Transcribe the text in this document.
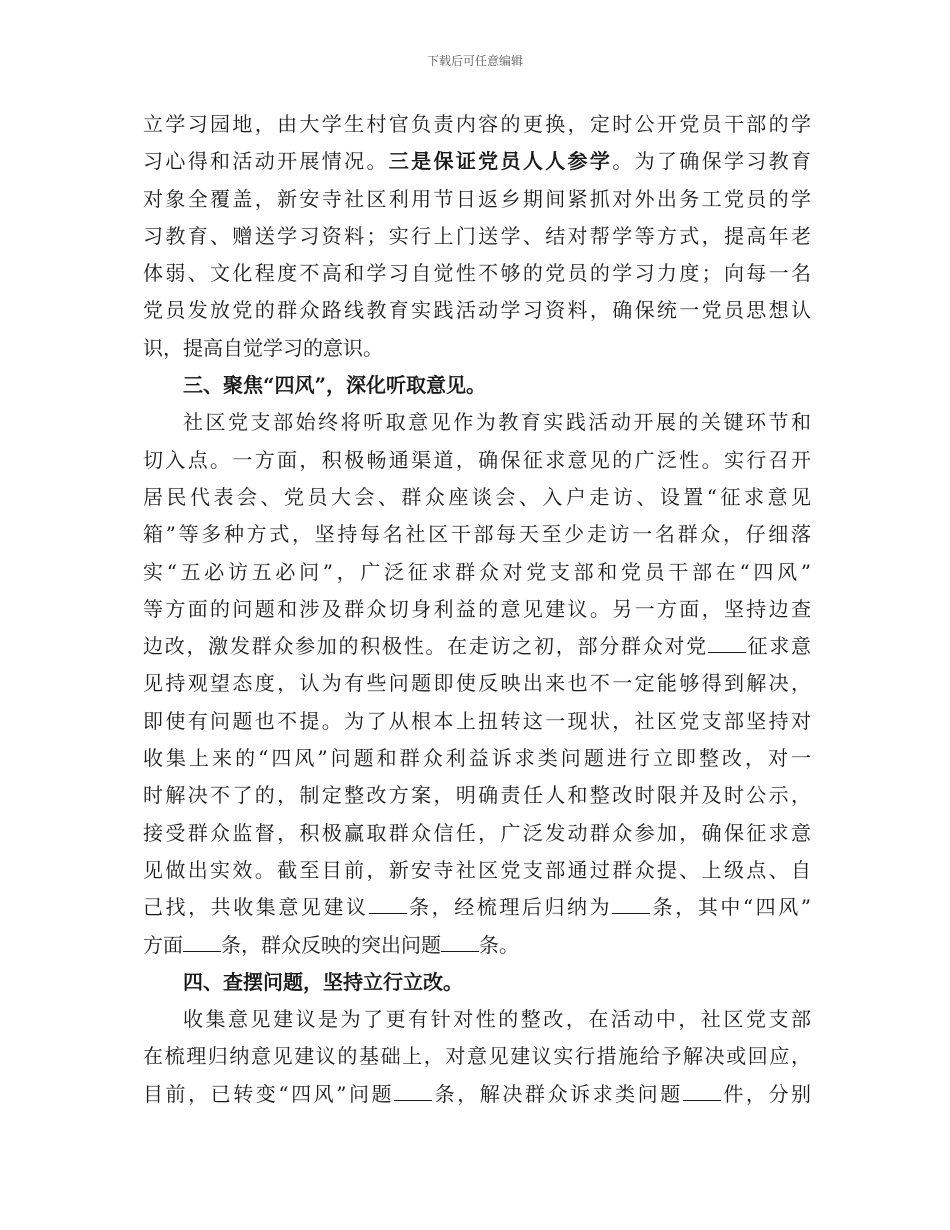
下载后可任意编辑
立学习园地，由大学生村官负责内容的更换，定时公开党员干部的学
习心得和活动开展情况。三是保证党员人人参学。为了确保学习教育
对象全覆盖，新安寺社区利用节日返乡期间紧抓对外出务工党员的学
习教育、赠送学习资料；实行上门送学、结对帮学等方式，提高年老
体弱、文化程度不高和学习自觉性不够的党员的学习力度；向每一名
党员发放党的群众路线教育实践活动学习资料，确保统一党员思想认
识，提高自觉学习的意识。
三、聚焦“四风”，深化听取意见。
社区党支部始终将听取意见作为教育实践活动开展的关键环节和
切入点。一方面，积极畅通渠道，确保征求意见的广泛性。实行召开
居民代表会、党员大会、群众座谈会、入户走访、设置“征求意见
箱”等多种方式，坚持每名社区干部每天至少走访一名群众，仔细落
实“五必访五必问”，广泛征求群众对党支部和党员干部在“四风”
等方面的问题和涉及群众切身利益的意见建议。另一方面，坚持边查
边改，激发群众参加的积极性。在走访之初，部分群众对党 征求意
见持观望态度，认为有些问题即使反映出来也不一定能够得到解决，
即使有问题也不提。为了从根本上扭转这一现状，社区党支部坚持对
收集上来的“四风”问题和群众利益诉求类问题进行立即整改，对一
时解决不了的，制定整改方案，明确责任人和整改时限并及时公示，
接受群众监督，积极赢取群众信任，广泛发动群众参加，确保征求意
见做出实效。截至目前，新安寺社区党支部通过群众提、上级点、自
己找，共收集意见建议 条，经梳理后归纳为 条，其中“四风”
方面 条，群众反映的突出问题 条。
四、查摆问题，坚持立行立改。
收集意见建议是为了更有针对性的整改，在活动中，社区党支部
在梳理归纳意见建议的基础上，对意见建议实行措施给予解决或回应，
目前，已转变“四风”问题 条，解决群众诉求类问题 件，分别
